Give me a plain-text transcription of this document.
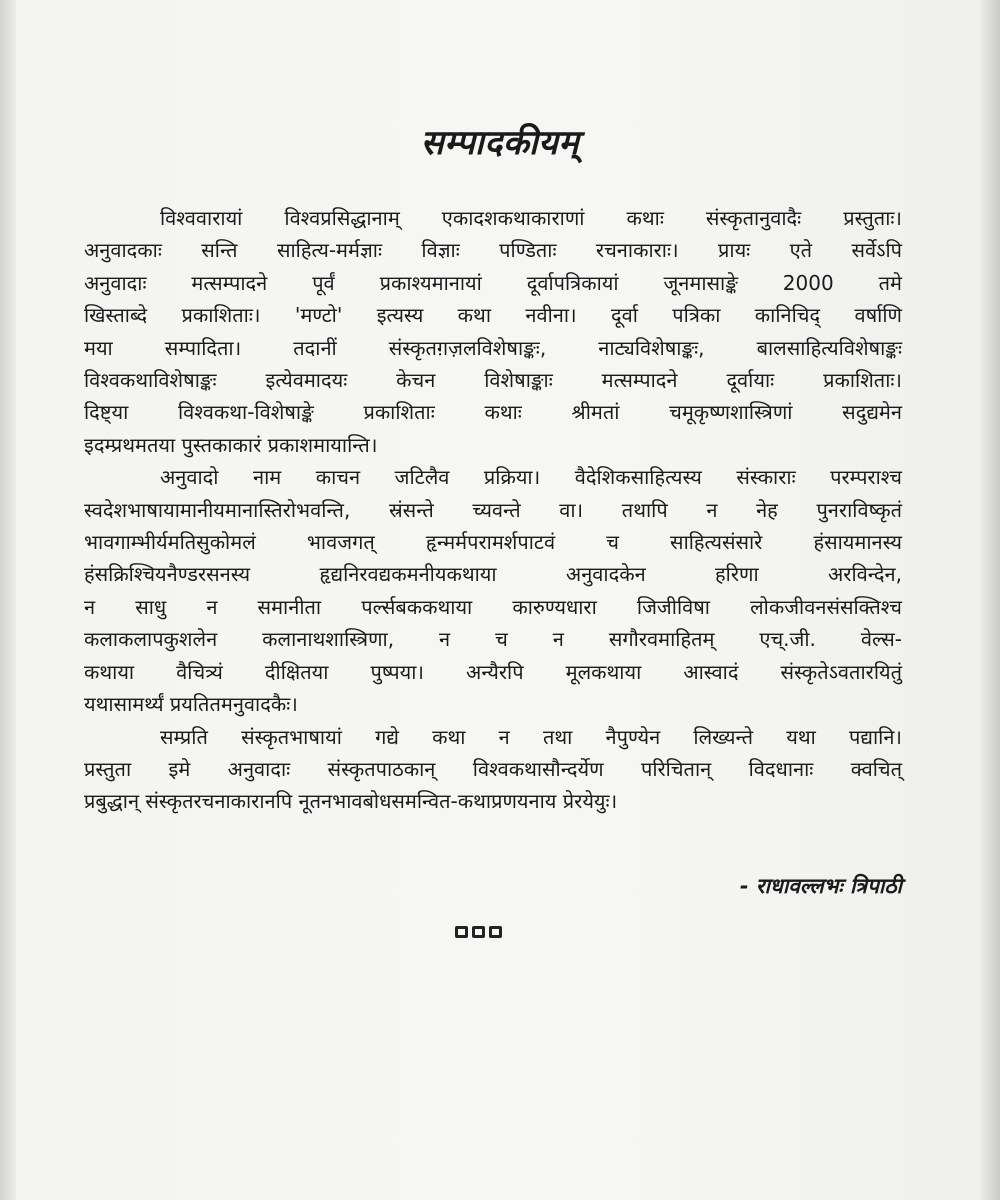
सम्पादकीयम्

विश्ववारायां विश्वप्रसिद्धानाम् एकादशकथाकाराणां कथाः संस्कृतानुवादैः प्रस्तुताः।
अनुवादकाः सन्ति साहित्य-मर्मज्ञाः विज्ञाः पण्डिताः रचनाकाराः। प्रायः एते सर्वेऽपि
अनुवादाः मत्सम्पादने पूर्वं प्रकाश्यमानायां दूर्वापत्रिकायां जूनमासाङ्के 2000 तमे
खिस्ताब्दे प्रकाशिताः। 'मण्टो' इत्यस्य कथा नवीना। दूर्वा पत्रिका कानिचिद् वर्षाणि
मया सम्पादिता। तदानीं संस्कृतग़ज़लविशेषाङ्कः, नाट्यविशेषाङ्कः, बालसाहित्यविशेषाङ्कः
विश्वकथाविशेषाङ्कः इत्येवमादयः केचन विशेषाङ्काः मत्सम्पादने दूर्वायाः प्रकाशिताः।
दिष्ट्या विश्वकथा-विशेषाङ्के प्रकाशिताः कथाः श्रीमतां चमूकृष्णशास्त्रिणां सदुद्यमेन
इदम्प्रथमतया पुस्तकाकारं प्रकाशमायान्ति।

अनुवादो नाम काचन जटिलैव प्रक्रिया। वैदेशिकसाहित्यस्य संस्काराः परम्पराश्च
स्वदेशभाषायामानीयमानास्तिरोभवन्ति, स्रंसन्ते च्यवन्ते वा। तथापि न नेह पुनराविष्कृतं
भावगाम्भीर्यमतिसुकोमलं भावजगत् हृन्मर्मपरामर्शपाटवं च साहित्यसंसारे हंसायमानस्य
हंसक्रिश्चियनैण्डरसनस्य हृद्यनिरवद्यकमनीयकथाया अनुवादकेन हरिणा अरविन्देन,
न साधु न समानीता पर्ल्सबककथाया कारुण्यधारा जिजीविषा लोकजीवनसंसक्तिश्च
कलाकलापकुशलेन कलानाथशास्त्रिणा, न च न सगौरवमाहितम् एच्.जी. वेल्स-
कथाया वैचित्र्यं दीक्षितया पुष्पया। अन्यैरपि मूलकथाया आस्वादं संस्कृतेऽवतारयितुं
यथासामर्थ्यं प्रयतितमनुवादकैः।

सम्प्रति संस्कृतभाषायां गद्ये कथा न तथा नैपुण्येन लिख्यन्ते यथा पद्यानि।
प्रस्तुता इमे अनुवादाः संस्कृतपाठकान् विश्वकथासौन्दर्येण परिचितान् विदधानाः क्वचित्
प्रबुद्धान् संस्कृतरचनाकारानपि नूतनभावबोधसमन्वित-कथाप्रणयनाय प्रेरयेयुः।

- राधावल्लभः त्रिपाठी
